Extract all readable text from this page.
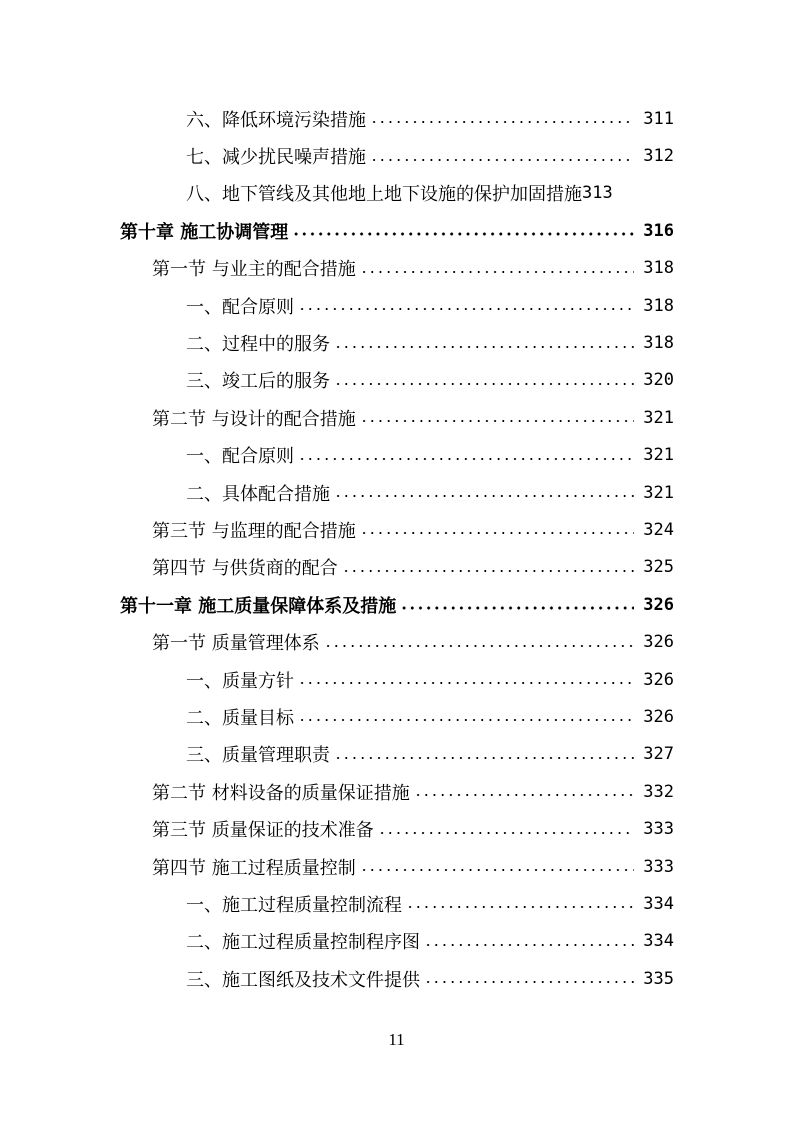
六、降低环境污染措施	311
七、减少扰民噪声措施	312
八、地下管线及其他地上地下设施的保护加固措施 313
第十章 施工协调管理	316
第一节 与业主的配合措施	318
一、配合原则	318
二、过程中的服务	318
三、竣工后的服务	320
第二节 与设计的配合措施	321
一、配合原则	321
二、具体配合措施	321
第三节 与监理的配合措施	324
第四节 与供货商的配合	325
第十一章 施工质量保障体系及措施	326
第一节 质量管理体系	326
一、质量方针	326
二、质量目标	326
三、质量管理职责	327
第二节 材料设备的质量保证措施	332
第三节 质量保证的技术准备	333
第四节 施工过程质量控制	333
一、施工过程质量控制流程	334
二、施工过程质量控制程序图	334
三、施工图纸及技术文件提供	335
11
